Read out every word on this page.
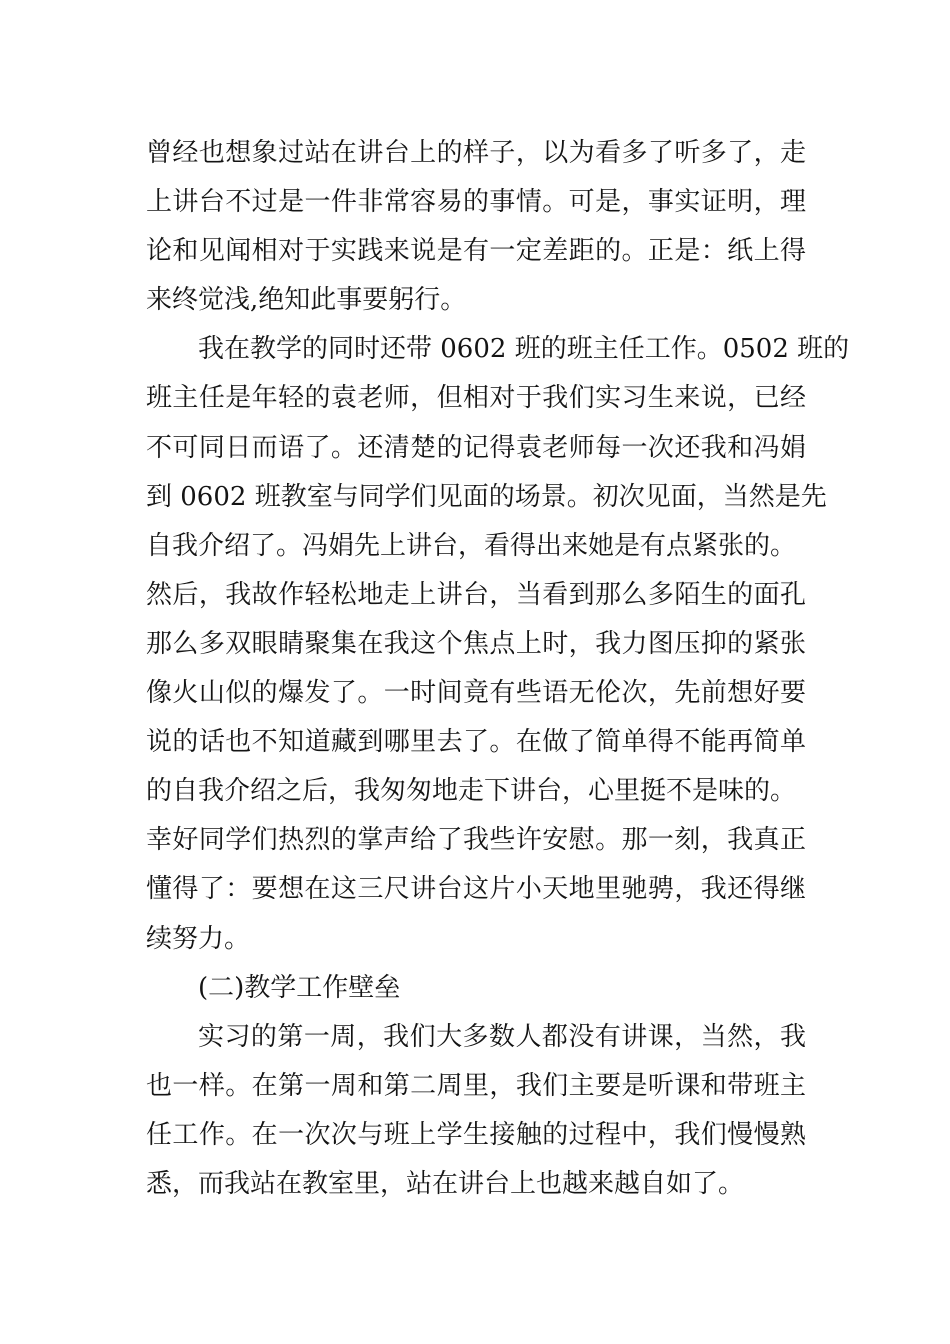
曾经也想象过站在讲台上的样子，以为看多了听多了，走
上讲台不过是一件非常容易的事情。可是，事实证明，理
论和见闻相对于实践来说是有一定差距的。正是：纸上得
来终觉浅,绝知此事要躬行。
我在教学的同时还带 0602 班的班主任工作。0502 班的
班主任是年轻的袁老师，但相对于我们实习生来说，已经
不可同日而语了。还清楚的记得袁老师每一次还我和冯娟
到 0602 班教室与同学们见面的场景。初次见面，当然是先
自我介绍了。冯娟先上讲台，看得出来她是有点紧张的。
然后，我故作轻松地走上讲台，当看到那么多陌生的面孔
那么多双眼睛聚集在我这个焦点上时，我力图压抑的紧张
像火山似的爆发了。一时间竟有些语无伦次，先前想好要
说的话也不知道藏到哪里去了。在做了简单得不能再简单
的自我介绍之后，我匆匆地走下讲台，心里挺不是味的。
幸好同学们热烈的掌声给了我些许安慰。那一刻，我真正
懂得了：要想在这三尺讲台这片小天地里驰骋，我还得继
续努力。
(二)教学工作壁垒
实习的第一周，我们大多数人都没有讲课，当然，我
也一样。在第一周和第二周里，我们主要是听课和带班主
任工作。在一次次与班上学生接触的过程中，我们慢慢熟
悉，而我站在教室里，站在讲台上也越来越自如了。
